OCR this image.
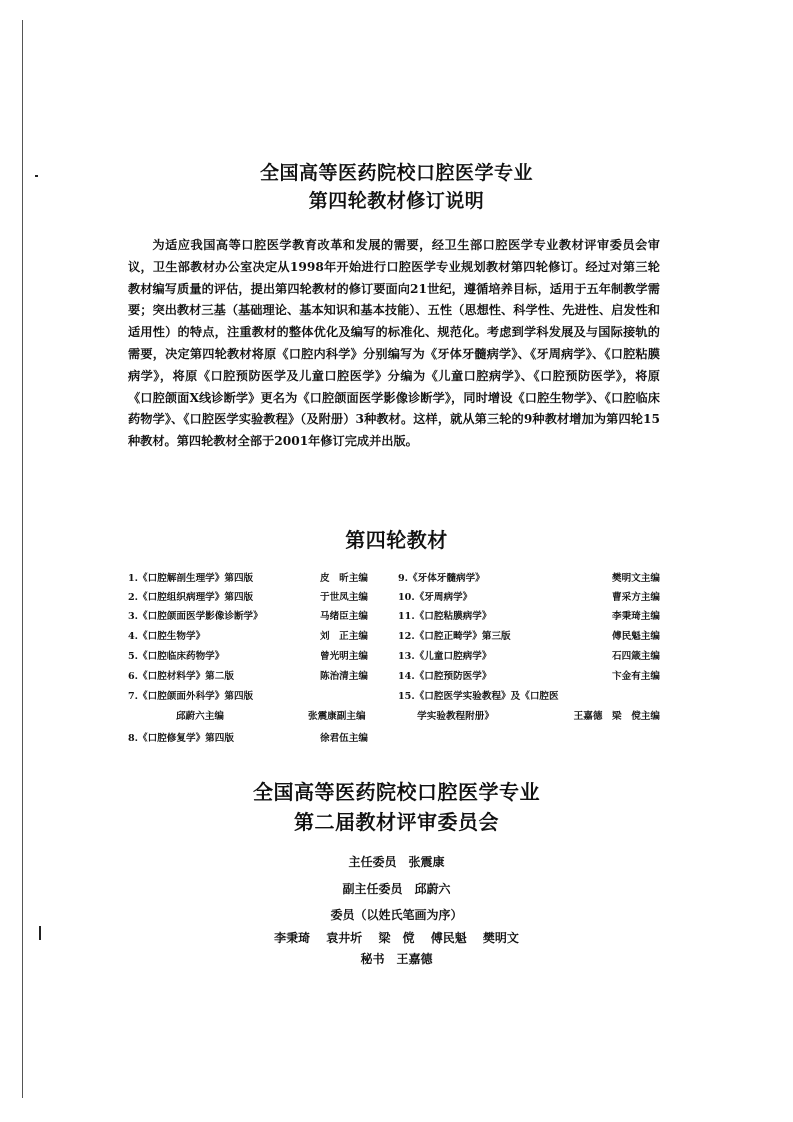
全国高等医药院校口腔医学专业
第四轮教材修订说明

为适应我国高等口腔医学教育改革和发展的需要，经卫生部口腔医学专业教材评审委员会审议，卫生部教材办公室决定从1998年开始进行口腔医学专业规划教材第四轮修订。经过对第三轮教材编写质量的评估，提出第四轮教材的修订要面向21世纪，遵循培养目标，适用于五年制教学需要；突出教材三基（基础理论、基本知识和基本技能）、五性（思想性、科学性、先进性、启发性和适用性）的特点，注重教材的整体优化及编写的标准化、规范化。考虑到学科发展及与国际接轨的需要，决定第四轮教材将原《口腔内科学》分别编写为《牙体牙髓病学》、《牙周病学》、《口腔粘膜病学》，将原《口腔预防医学及儿童口腔医学》分编为《儿童口腔病学》、《口腔预防医学》，将原《口腔颌面X线诊断学》更名为《口腔颌面医学影像诊断学》，同时增设《口腔生物学》、《口腔临床药物学》、《口腔医学实验教程》（及附册）3种教材。这样，就从第三轮的9种教材增加为第四轮15种教材。第四轮教材全部于2001年修订完成并出版。

第四轮教材
1.《口腔解剖生理学》第四版	皮　昕主编	9.《牙体牙髓病学》	樊明文主编
2.《口腔组织病理学》第四版	于世凤主编	10.《牙周病学》	曹采方主编
3.《口腔颌面医学影像诊断学》	马绪臣主编	11.《口腔粘膜病学》	李秉琦主编
4.《口腔生物学》	刘　正主编	12.《口腔正畸学》第三版	傅民魁主编
5.《口腔临床药物学》	曾光明主编	13.《儿童口腔病学》	石四箴主编
6.《口腔材料学》第二版	陈治清主编	14.《口腔预防医学》	卞金有主编
7.《口腔颌面外科学》第四版	15.《口腔医学实验教程》及《口腔医
　　　　　邱蔚六主编	张震康副主编	　　学实验教程附册》	王嘉德　梁　傥主编
8.《口腔修复学》第四版	徐君伍主编
全国高等医药院校口腔医学专业
第二届教材评审委员会
主任委员　张震康
副主任委员　邱蔚六
委员（以姓氏笔画为序）
李秉琦 袁井圻 梁　傥 傅民魁 樊明文
秘书　王嘉德
